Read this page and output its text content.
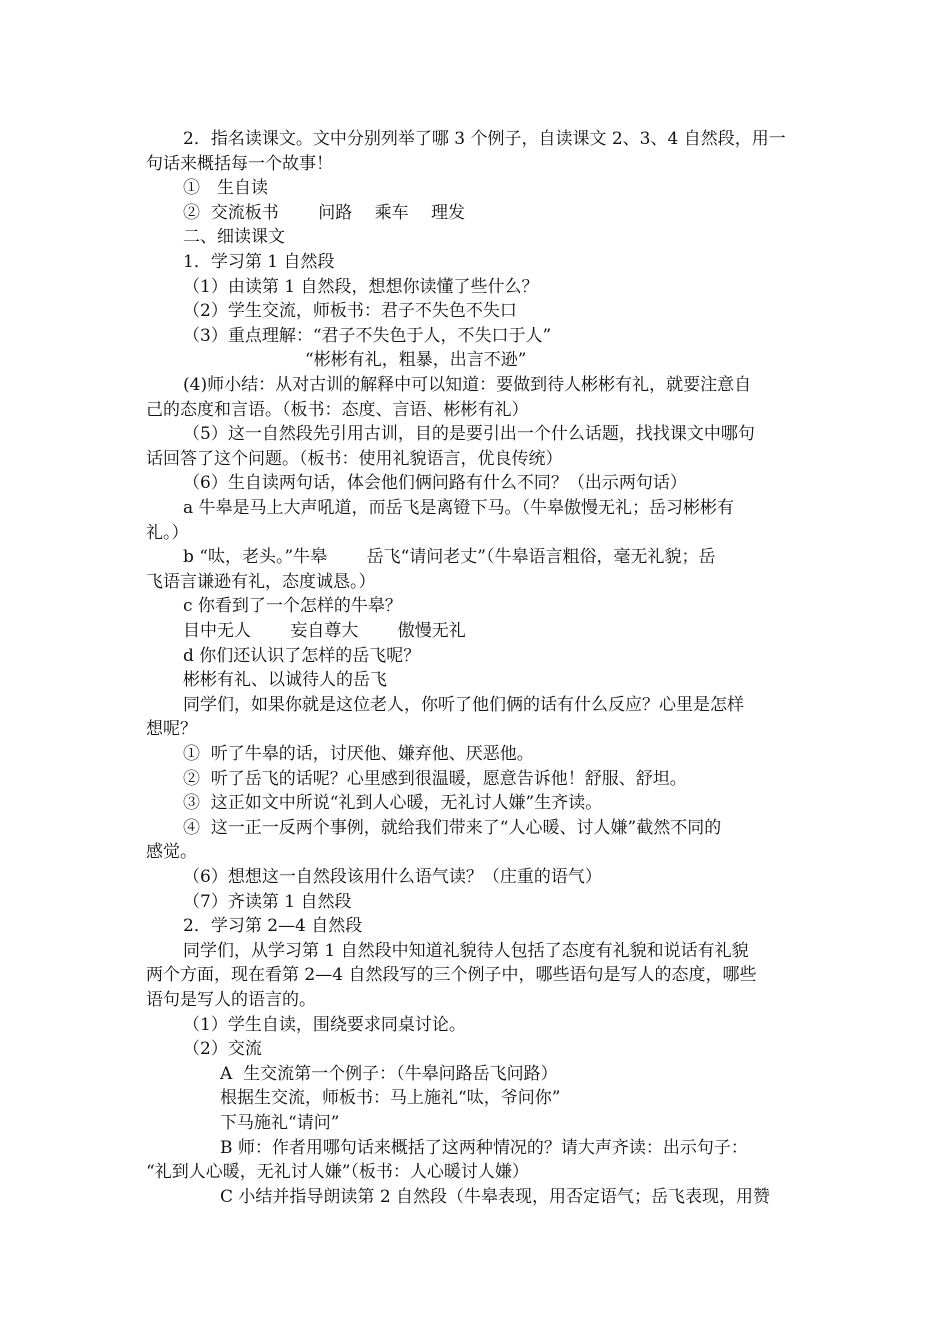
2．指名读课文。文中分别列举了哪 3 个例子，自读课文 2、3、4 自然段，用一
句话来概括每一个故事！
①　生自读
②  交流板书　　 问路　 乘车　 理发
二、细读课文
1．学习第 1 自然段
（1）由读第 1 自然段，想想你读懂了些什么？
（2）学生交流，师板书：君子不失色不失口
（3）重点理解：“君子不失色于人，不失口于人”
“彬彬有礼，粗暴，出言不逊”
(4)师小结：从对古训的解释中可以知道：要做到待人彬彬有礼，就要注意自
己的态度和言语。（板书：态度、言语、彬彬有礼）
（5）这一自然段先引用古训，目的是要引出一个什么话题，找找课文中哪句
话回答了这个问题。（板书：使用礼貌语言，优良传统）
（6）生自读两句话，体会他们俩问路有什么不同？（出示两句话）
a 牛皋是马上大声吼道，而岳飞是离镫下马。（牛皋傲慢无礼；岳习彬彬有
礼。）
b “呔，老头。”牛皋　　 岳飞“请问老丈”（牛皋语言粗俗，毫无礼貌；岳
飞语言谦逊有礼，态度诚恳。）
c 你看到了一个怎样的牛皋？
目中无人　　 妄自尊大　　 傲慢无礼
d 你们还认识了怎样的岳飞呢？
彬彬有礼、以诚待人的岳飞
同学们，如果你就是这位老人，你听了他们俩的话有什么反应？心里是怎样
想呢？
①  听了牛皋的话，讨厌他、嫌弃他、厌恶他。
②  听了岳飞的话呢？心里感到很温暖，愿意告诉他！舒服、舒坦。
③  这正如文中所说“礼到人心暖，无礼讨人嫌”生齐读。
④  这一正一反两个事例，就给我们带来了“人心暖、讨人嫌”截然不同的
感觉。
（6）想想这一自然段该用什么语气读？（庄重的语气）
（7）齐读第 1 自然段
2．学习第 2—4 自然段
同学们，从学习第 1 自然段中知道礼貌待人包括了态度有礼貌和说话有礼貌
两个方面，现在看第 2—4 自然段写的三个例子中，哪些语句是写人的态度，哪些
语句是写人的语言的。
（1）学生自读，围绕要求同桌讨论。
（2）交流
A  生交流第一个例子：（牛皋问路岳飞问路）
根据生交流，师板书：马上施礼“呔，爷问你”
下马施礼“请问”
B 师：作者用哪句话来概括了这两种情况的？请大声齐读：出示句子：
“礼到人心暖，无礼讨人嫌”（板书：人心暖讨人嫌）
C 小结并指导朗读第 2 自然段（牛皋表现，用否定语气；岳飞表现，用赞
